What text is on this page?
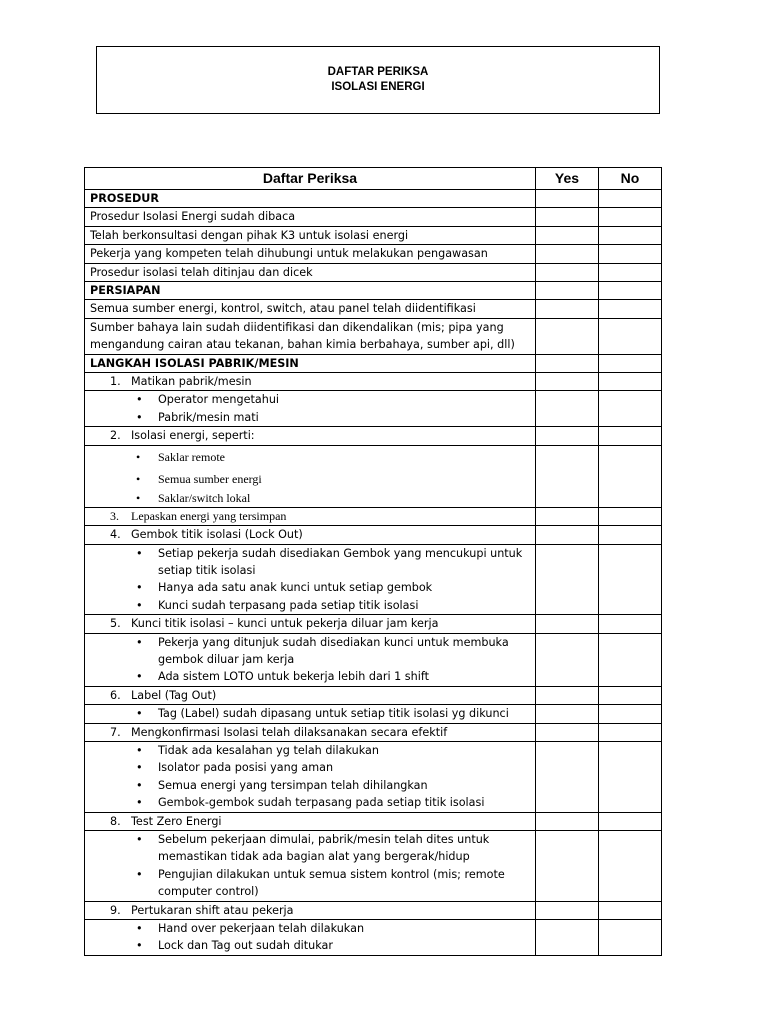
DAFTAR PERIKSA
ISOLASI ENERGI
Daftar Periksa	Yes	No
PROSEDUR		
Prosedur Isolasi Energi sudah dibaca		
Telah berkonsultasi dengan pihak K3 untuk isolasi energi		
Pekerja yang kompeten telah dihubungi untuk melakukan pengawasan		
Prosedur isolasi telah ditinjau dan dicek		
PERSIAPAN		
Semua sumber energi, kontrol, switch, atau panel telah diidentifikasi		
Sumber bahaya lain sudah diidentifikasi dan dikendalikan (mis; pipa yang mengandung cairan atau tekanan, bahan kimia berbahaya, sumber api, dll)		
LANGKAH ISOLASI PABRIK/MESIN		

1. Matikan pabrik/mesin		

• Operator mengetahui
• Pabrik/mesin mati		

2. Isolasi energi, seperti:		

• Saklar remote
• Semua sumber energi
• Saklar/switch lokal		

3. Lepaskan energi yang tersimpan		

4. Gembok titik isolasi (Lock Out)		

• Setiap pekerja sudah disediakan Gembok yang mencukupi untuk setiap titik isolasi
• Hanya ada satu anak kunci untuk setiap gembok
• Kunci sudah terpasang pada setiap titik isolasi		

5. Kunci titik isolasi – kunci untuk pekerja diluar jam kerja		

• Pekerja yang ditunjuk sudah disediakan kunci untuk membuka gembok diluar jam kerja
• Ada sistem LOTO untuk bekerja lebih dari 1 shift		

6. Label (Tag Out)		

• Tag (Label) sudah dipasang untuk setiap titik isolasi yg dikunci		

7. Mengkonfirmasi Isolasi telah dilaksanakan secara efektif		

• Tidak ada kesalahan yg telah dilakukan
• Isolator pada posisi yang aman
• Semua energi yang tersimpan telah dihilangkan
• Gembok-gembok sudah terpasang pada setiap titik isolasi		

8. Test Zero Energi		

• Sebelum pekerjaan dimulai, pabrik/mesin telah dites untuk memastikan tidak ada bagian alat yang bergerak/hidup
• Pengujian dilakukan untuk semua sistem kontrol (mis; remote computer control)		

9. Pertukaran shift atau pekerja		

• Hand over pekerjaan telah dilakukan
• Lock dan Tag out sudah ditukar		
